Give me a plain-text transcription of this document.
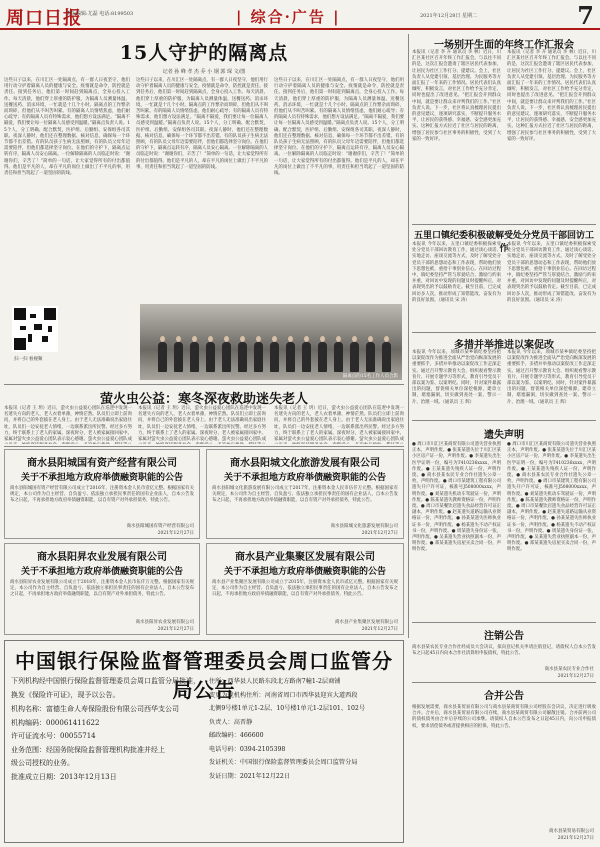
周口日报
组版编辑:尤磊 电话:8199503	| 综合·广告 |	2021年12月28日 星期二	7
15人守护的隔离点
记者 孙 峰 孝 杰 乔 小 钢 郭 琛 文/图
这些日子以来，在川汇区一处隔离点，有一群人日夜坚守，他们用行动守护着隔离人员的健康与安全。疫情就是命令，防控就是责任。接到任务后，他们第一时间赶到隔离点，全身心投入工作。每天清晨，他们穿上厚重的防护服，为隔离人员测量体温、送餐送药、消杀环境，一忙就是十几个小时。隔离点的工作繁杂而琐碎，但他们从不叫苦叫累。有的隔离人员情绪焦虑，他们耐心疏导；有的隔离人员有特殊需求，他们想方设法满足。“隔离不隔爱，我们要让每一位隔离人员感受到温暖。”隔离点负责人说。15个人，分工明确、配合默契，医护组、后勤组、安保组各司其职。夜深人静时，他们还在整理数据、核对信息，确保每一个环节都不出差错。有的队员孩子生病无法照顾，有的队员父母年迈需要陪伴，但他们都选择坚守岗位。在他们的守护下，隔离点运转有序，隔离人员安心隔离。一位解除隔离的人员临走时说：“谢谢你们，辛苦了！”简单的一句话，让大家觉得所有的付出都值得。他们是平凡的人，却在平凡的岗位上做出了不平凡的事，用责任和担当筑起了一道坚固的防线。
扫一扫 看视频
这些日子以来，在川汇区一处隔离点，有一群人日夜坚守，他们用行动守护着隔离人员的健康与安全。疫情就是命令，防控就是责任。接到任务后，他们第一时间赶到隔离点，全身心投入工作。每天清晨，他们穿上厚重的防护服，为隔离人员测量体温、送餐送药、消杀环境，一忙就是十几个小时。隔离点的工作繁杂而琐碎，但他们从不叫苦叫累。有的隔离人员情绪焦虑，他们耐心疏导；有的隔离人员有特殊需求，他们想方设法满足。“隔离不隔爱，我们要让每一位隔离人员感受到温暖。”隔离点负责人说。15个人，分工明确、配合默契，医护组、后勤组、安保组各司其职。夜深人静时，他们还在整理数据、核对信息，确保每一个环节都不出差错。有的队员孩子生病无法照顾，有的队员父母年迈需要陪伴，但他们都选择坚守岗位。在他们的守护下，隔离点运转有序，隔离人员安心隔离。一位解除隔离的人员临走时说：“谢谢你们，辛苦了！”简单的一句话，让大家觉得所有的付出都值得。他们是平凡的人，却在平凡的岗位上做出了不平凡的事，用责任和担当筑起了一道坚固的防线。
这些日子以来，在川汇区一处隔离点，有一群人日夜坚守，他们用行动守护着隔离人员的健康与安全。疫情就是命令，防控就是责任。接到任务后，他们第一时间赶到隔离点，全身心投入工作。每天清晨，他们穿上厚重的防护服，为隔离人员测量体温、送餐送药、消杀环境，一忙就是十几个小时。隔离点的工作繁杂而琐碎，但他们从不叫苦叫累。有的隔离人员情绪焦虑，他们耐心疏导；有的隔离人员有特殊需求，他们想方设法满足。“隔离不隔爱，我们要让每一位隔离人员感受到温暖。”隔离点负责人说。15个人，分工明确、配合默契，医护组、后勤组、安保组各司其职。夜深人静时，他们还在整理数据、核对信息，确保每一个环节都不出差错。有的队员孩子生病无法照顾，有的队员父母年迈需要陪伴，但他们都选择坚守岗位。在他们的守护下，隔离点运转有序，隔离人员安心隔离。一位解除隔离的人员临走时说：“谢谢你们，辛苦了！”简单的一句话，让大家觉得所有的付出都值得。他们是平凡的人，却在平凡的岗位上做出了不平凡的事，用责任和担当筑起了一道坚固的防线。
隔离点的15名工作人员合影
萤火虫公益：寒冬深夜救助迷失老人
本报讯（记者 王 玥）近日，萤火虫公益爱心团队在巡逻中发现一名迷失方向的老人，老人衣着单薄，神情茫然。队员们立即上前询问，并将自己的外套披在老人身上。由于老人无法准确说出家庭住址，队员们一边安抚老人情绪，一边联系派出所民警。经过多方努力，终于联系上了老人的家属。深夜时分，老人被家属接回家中。家属对萤火虫公益爱心团队表示衷心感谢。萤火虫公益爱心团队成
本报讯（记者 王 玥）近日，萤火虫公益爱心团队在巡逻中发现一名迷失方向的老人，老人衣着单薄，神情茫然。队员们立即上前询问，并将自己的外套披在老人身上。由于老人无法准确说出家庭住址，队员们一边安抚老人情绪，一边联系派出所民警。经过多方努力，终于联系上了老人的家属。深夜时分，老人被家属接回家中。家属对萤火虫公益爱心团队表示衷心感谢。萤火虫公益爱心团队成
本报讯（记者 王 玥）近日，萤火虫公益爱心团队在巡逻中发现一名迷失方向的老人，老人衣着单薄，神情茫然。队员们立即上前询问，并将自己的外套披在老人身上。由于老人无法准确说出家庭住址，队员们一边安抚老人情绪，一边联系派出所民警。经过多方努力，终于联系上了老人的家属。深夜时分，老人被家属接回家中。家属对萤火虫公益爱心团队表示衷心感谢。萤火虫公益爱心团队成
商水县阳城国有资产经营有限公司
关于不承担地方政府举债融资职能的公告
商水县阳城国有资产经营有限公司成立于2016年，注册资本金人民币壹亿元整。根据国家有关规定，本公司作为自主经营、自负盈亏、依法独立承担民事责任的国有企业法人，自本公告发布之日起，不再承担地方政府举债融资职能，以自有资产对外承担债务，特此公告。
商水县阳城国有资产经营有限公司
2021年12月27日
商水县阳城文化旅游发展有限公司
关于不承担地方政府举债融资职能的公告
商水县阳城文化旅游发展有限公司成立于2017年，注册资本金人民币伍仟万元整。根据国家有关规定，本公司作为自主经营、自负盈亏、依法独立承担民事责任的国有企业法人，自本公告发布之日起，不再承担地方政府举债融资职能，以自有资产对外承担债务，特此公告。
商水县阳城文化旅游发展有限公司
2021年12月27日
商水县阳昇农业发展有限公司
关于不承担地方政府举债融资职能的公告
商水县阳昇农业发展有限公司成立于2018年，注册资本金人民币伍仟万元整。根据国家有关规定，本公司作为自主经营、自负盈亏、依法独立承担民事责任的国有企业法人，自本公告发布之日起，不再承担地方政府举债融资职能，以自有资产对外承担债务，特此公告。
商水县阳昇农业发展有限公司
2021年12月27日
商水县产业集聚区发展有限公司
关于不承担地方政府举债融资职能的公告
商水县产业集聚区发展有限公司成立于2015年，注册资本金人民币贰亿元整。根据国家有关规定，本公司作为自主经营、自负盈亏、依法独立承担民事责任的国有企业法人，自本公告发布之日起，不再承担地方政府举债融资职能，以自有资产对外承担债务，特此公告。
商水县产业集聚区发展有限公司
2021年12月27日
中国银行保险监督管理委员会周口监管分局公告
下列机构经中国银行保险监督管理委员会周口监管分局批准，换发《保险许可证》，现予以公告。
机构名称：富德生命人寿保险股份有限公司西华支公司
机构编码：000061411622
许可证流水号：00055714
业务范围：经国务院保险监督管理机构批准并经上
级公司授权的业务。
批准成立日期：2013年12月13日
住所：西华县人民路东段北方路南7幢1-2层商铺
变更为现机构住所：河南省周口市西华县迎宾大道西段
北侧9号楼1单元1-2层、10号楼1单元1-2层101、102号
负责人：高晋静
邮政编码：466600
电话号码：0394-2105398
发证机关：中国银行保险监督管理委员会周口监管分局
发证日期：2021年12月22日
一场别开生面的年终工作汇报会
本报讯（记者 李 卉 通讯员 李 林）近日，川汇区某社区召开年终工作汇报会。与以往不同的是，这次汇报会邀请了辖区居民代表参加，让居民为社区工作打分、提建议。会上，社区负责人从党建引领、基层治理、为民服务等方面汇报了一年来的工作情况。居民代表们认真倾听，积极发言，对社区工作给予充分肯定，同时也提出了改进意见。“把汇报会开到群众中间，就是要让群众来评判我们的工作。”社区负责人说。下一步，社区将认真梳理居民提出的意见建议，逐项研究落实，不断提升服务水平，让居民的获得感、幸福感、安全感更加充实。这种汇报方式拉近了社区与居民的距离，增强了居民参与社区事务的积极性，受到了大家的一致好评。
本报讯（记者 李 卉 通讯员 李 林）近日，川汇区某社区召开年终工作汇报会。与以往不同的是，这次汇报会邀请了辖区居民代表参加，让居民为社区工作打分、提建议。会上，社区负责人从党建引领、基层治理、为民服务等方面汇报了一年来的工作情况。居民代表们认真倾听，积极发言，对社区工作给予充分肯定，同时也提出了改进意见。“把汇报会开到群众中间，就是要让群众来评判我们的工作。”社区负责人说。下一步，社区将认真梳理居民提出的意见建议，逐项研究落实，不断提升服务水平，让居民的获得感、幸福感、安全感更加充实。这种汇报方式拉近了社区与居民的距离，增强了居民参与社区事务的积极性，受到了大家的一致好评。
五里口镇纪委积极破解受处分党员干部回访工作
本报讯 今年以来，五里口镇纪委积极探索受处分党员干部回访教育工作，通过谈心谈话、实地走访、座谈交流等方式，及时了解受处分党员干部的思想动态和工作表现，帮助他们放下思想包袱，重拾干事创业信心。在回访过程中，镇纪委坚持严管与厚爱结合、激励与约束并重，对回访中发现的问题及时提醒纠正，对表现突出的予以鼓励肯定。截至目前，已完成回访多人次，推动形成了知错能改、奋发有为的良好氛围。（通讯员 宋 涛）
本报讯 今年以来，五里口镇纪委积极探索受处分党员干部回访教育工作，通过谈心谈话、实地走访、座谈交流等方式，及时了解受处分党员干部的思想动态和工作表现，帮助他们放下思想包袱，重拾干事创业信心。在回访过程中，镇纪委坚持严管与厚爱结合、激励与约束并重，对回访中发现的问题及时提醒纠正，对表现突出的予以鼓励肯定。截至目前，已完成回访多人次，推动形成了知错能改、奋发有为的良好氛围。（通讯员 宋 涛）
多措并举推进以案促改
本报讯 今年以来，项城市某乡镇纪委坚持把以案促改作为推进全面从严治党向纵深发展的重要抓手，多措并举推动以案促改工作走深走实。通过召开警示教育大会、组织观看警示教育片、开展专题学习等形式，教育引导党员干部以案为鉴、以案明纪。同时，针对案件暴露出的问题，督促相关单位深挖根源，建章立制，堵塞漏洞，切实做到查处一案、警示一片、治理一域。（通讯员 王 辉）
本报讯 今年以来，项城市某乡镇纪委坚持把以案促改作为推进全面从严治党向纵深发展的重要抓手，多措并举推动以案促改工作走深走实。通过召开警示教育大会、组织观看警示教育片、开展专题学习等形式，教育引导党员干部以案为鉴、以案明纪。同时，针对案件暴露出的问题，督促相关单位深挖根源，建章立制，堵塞漏洞，切实做到查处一案、警示一片、治理一域。（通讯员 王 辉）
遗失声明
● 周口市川汇区某商贸有限公司遗失营业执照正本，声明作废。● 张某某遗失位于川汇区某小区房产证一份，声明作废。● 李某遗失出生医学证明一份，编号为T410236xxxx，声明作废。● 王某某遗失残疾人证一份，声明作废。● 商水县某农民专业合作社遗失公章一枚，声明作废。● 周口市某建筑工程有限公司遗失开户许可证，核准号J508000xxxx，声明作废。● 刘某遗失机动车驾驶证一份，声明作废。● 陈某某遗失教师资格证一份，声明作废。● 周口市某餐饮店遗失食品经营许可证正副本，声明作废。● 赵某遗失道路运输从业资格证一份，声明作废。● 孙某某遗失医师执业证书一份，声明作废。● 杨某遗失不动产权证书一份，声明作废。● 周某遗失身份证一张，声明作废。● 吴某遗失营业执照副本一份，声明作废。● 郑某某遗失房屋买卖合同一份，声明作废。
● 周口市川汇区某商贸有限公司遗失营业执照正本，声明作废。● 张某某遗失位于川汇区某小区房产证一份，声明作废。● 李某遗失出生医学证明一份，编号为T410236xxxx，声明作废。● 王某某遗失残疾人证一份，声明作废。● 商水县某农民专业合作社遗失公章一枚，声明作废。● 周口市某建筑工程有限公司遗失开户许可证，核准号J508000xxxx，声明作废。● 刘某遗失机动车驾驶证一份，声明作废。● 陈某某遗失教师资格证一份，声明作废。● 周口市某餐饮店遗失食品经营许可证正副本，声明作废。● 赵某遗失道路运输从业资格证一份，声明作废。● 孙某某遗失医师执业证书一份，声明作废。● 杨某遗失不动产权证书一份，声明作废。● 周某遗失身份证一张，声明作废。● 吴某遗失营业执照副本一份，声明作废。● 郑某某遗失房屋买卖合同一份，声明作废。
注销公告
商水县某农民专业合作社经成员大会决议，拟向登记机关申请注销登记，请债权人自本公告发布之日起45日内向本合作社清算组申报债权，特此公告。
商水县某农民专业合作社
2021年12月27日
合并公告
根据发展需要，商水县某贸易有限公司与商水县某商贸有限公司经股东会决议，决定进行吸收合并。合并后，商水县某贸易有限公司存续，商水县某商贸有限公司解散注销。合并前两公司的债权债务由合并后存续的公司承继。请债权人自本公告发布之日起45日内，向公司申报债权，要求清偿债务或者提供相应的担保，特此公告。
商水县某贸易有限公司
2021年12月27日
